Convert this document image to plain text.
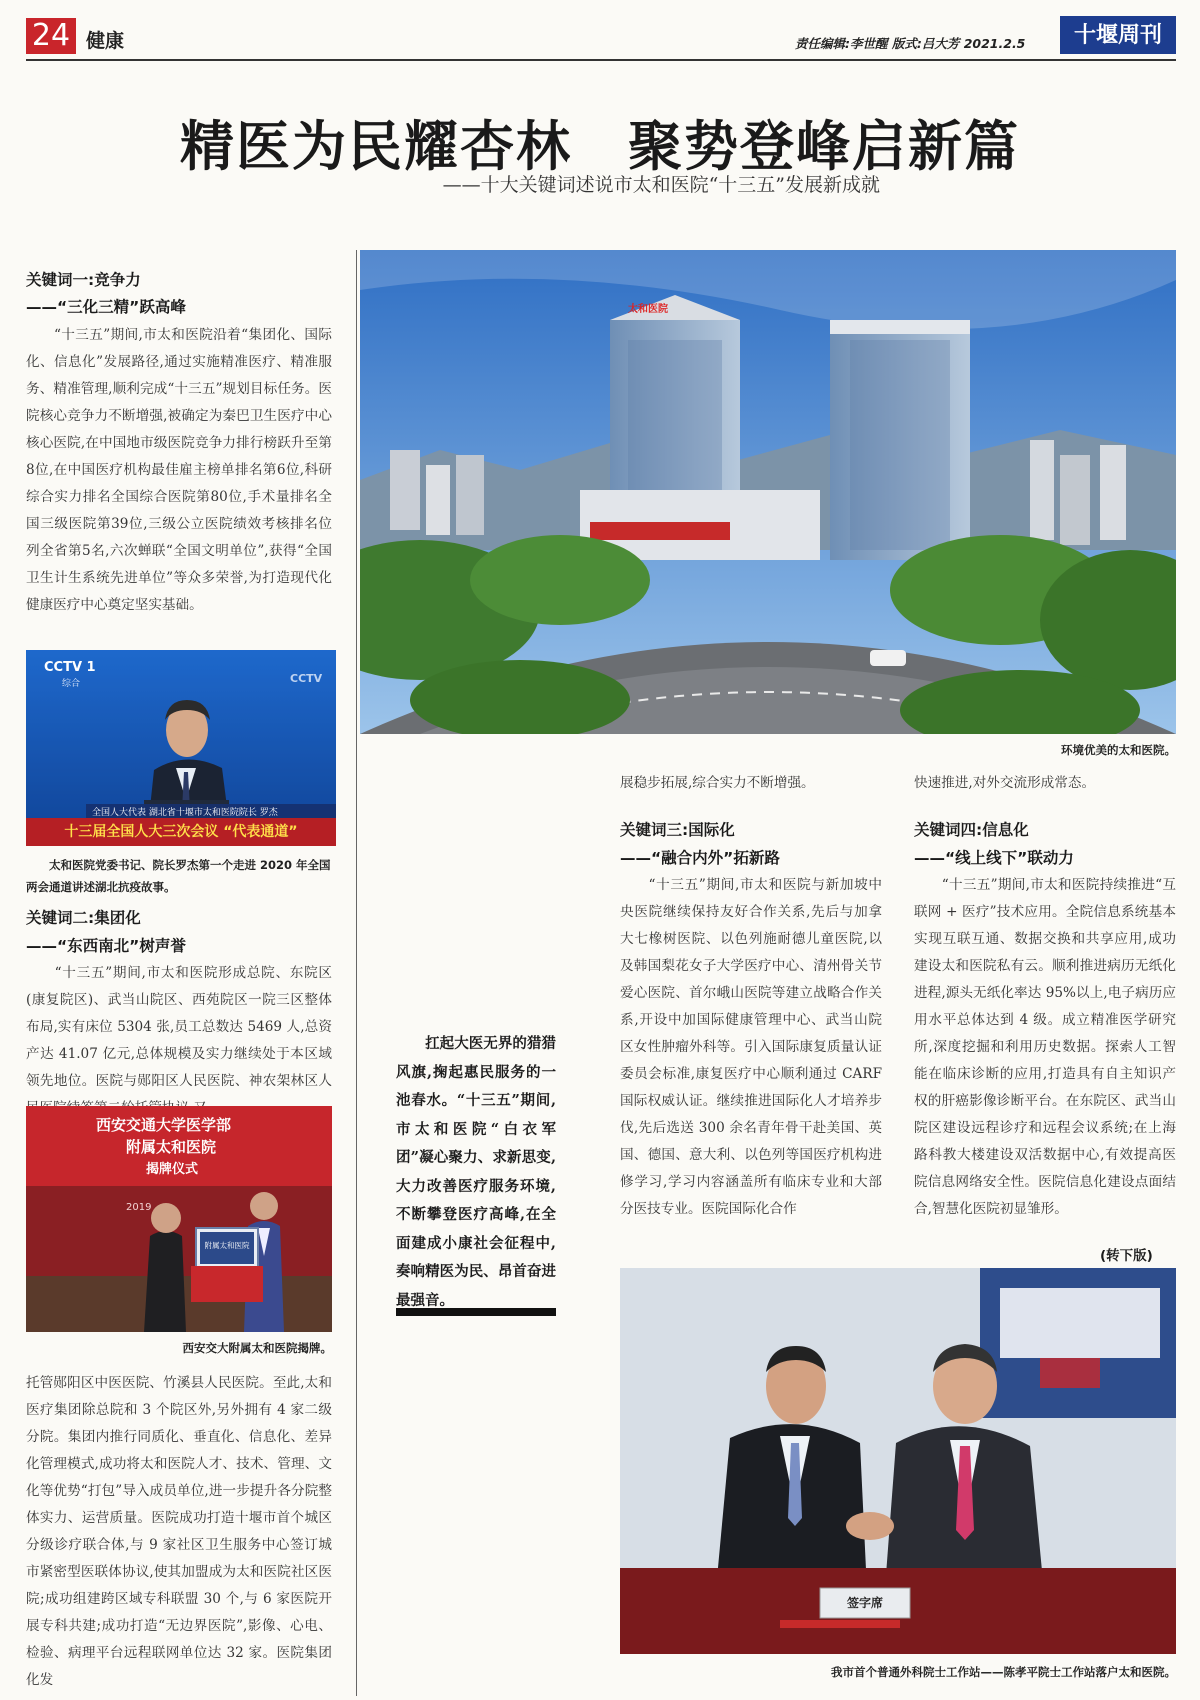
24 健康	责任编辑:李世醒 版式:吕大芳 2021.2.5	十堰周刊
精医为民耀杏林　聚势登峰启新篇
——十大关键词述说市太和医院“十三五”发展新成就
关键词一:竞争力
——“三化三精”跃高峰
　　“十三五”期间,市太和医院沿着“集团化、国际化、信息化”发展路径,通过实施精准医疗、精准服务、精准管理,顺利完成“十三五”规划目标任务。医院核心竞争力不断增强,被确定为秦巴卫生医疗中心核心医院,在中国地市级医院竞争力排行榜跃升至第8位,在中国医疗机构最佳雇主榜单排名第6位,科研综合实力排名全国综合医院第80位,手术量排名全国三级医院第39位,三级公立医院绩效考核排名位列全省第5名,六次蝉联“全国文明单位”,获得“全国卫生计生系统先进单位”等众多荣誉,为打造现代化健康医疗中心奠定坚实基础。
CCTV 1
综合	CCTV
全国人大代表 湖北省十堰市太和医院院长 罗杰
十三届全国人大三次会议 “代表通道”
　　太和医院党委书记、院长罗杰第一个走进 2020 年全国两会通道讲述湖北抗疫故事。
关键词二:集团化
——“东西南北”树声誉
　　“十三五”期间,市太和医院形成总院、东院区(康复院区)、武当山院区、西苑院区一院三区整体布局,实有床位 5304 张,员工总数达 5469 人,总资产达 41.07 亿元,总体规模及实力继续处于本区域领先地位。医院与郧阳区人民医院、神农架林区人
西安交通大学医学部
附属太和医院
揭牌仪式
2019
附属太和医院
西安交大附属太和医院揭牌。
托管郧阳区中医医院、竹溪县人民医院。至此,太和医疗集团除总院和 3 个院区外,另外拥有 4 家二级分院。集团内推行同质化、垂直化、信息化、差异化管理模式,成功将太和医院人才、技术、管理、文化等优势“打包”导入成员单位,进一步提升各分院整体实力、运营质量。医院成功打造十堰市首个城区分级诊疗联合体,与 9 家社区卫生服务中心签订城市紧密型医联体协议,使其加盟成为太和医院社区医院;成功组建跨区域专科联盟 30 个,与 6 家医院开展专科共建;成功打造“无边界医院”,影像、心电、检验、病理平台远程联网单位达 32 家。医院集团化发
太和医院
环境优美的太和医院。
　　扛起大医无界的猎猎风旗,掬起惠民服务的一池春水。“十三五”期间,市太和医院“白衣军团”凝心聚力、求新思变,大力改善医疗服务环境,不断攀登医疗高峰,在全面建成小康社会征程中,奏响精医为民、昂首奋进最强音。
展稳步拓展,综合实力不断增强。
关键词三:国际化
——“融合内外”拓新路
　　“十三五”期间,市太和医院与新加坡中央医院继续保持友好合作关系,先后与加拿大七橡树医院、以色列施耐德儿童医院,以及韩国梨花女子大学医疗中心、清州骨关节爱心医院、首尔峨山医院等建立战略合作关系,开设中加国际健康管理中心、武当山院区女性肿瘤外科等。引入国际康复质量认证委员会标准,康复医疗中心顺利通过 CARF 国际权威认证。继续推进国际化人才培养步伐,先后选送 300 余名青年骨干赴美国、英国、德国、意大利、以色列等国医疗机构进修学习,学习内容涵盖所有临床专业和大部分医技专业。医院国际化合作
快速推进,对外交流形成常态。
关键词四:信息化
——“线上线下”联动力
　　“十三五”期间,市太和医院持续推进“互联网 + 医疗”技术应用。全院信息系统基本实现互联互通、数据交换和共享应用,成功建设太和医院私有云。顺利推进病历无纸化进程,源头无纸化率达 95%以上,电子病历应用水平总体达到 4 级。成立精准医学研究所,深度挖掘和利用历史数据。探索人工智能在临床诊断的应用,打造具有自主知识产权的肝癌影像诊断平台。在东院区、武当山院区建设远程诊疗和远程会议系统;在上海路科教大楼建设双活数据中心,有效提高医院信息网络安全性。医院信息化建设点面结合,智慧化医院初显雏形。
(转下版)
签字席
我市首个普通外科院士工作站——陈孝平院士工作站落户太和医院。
